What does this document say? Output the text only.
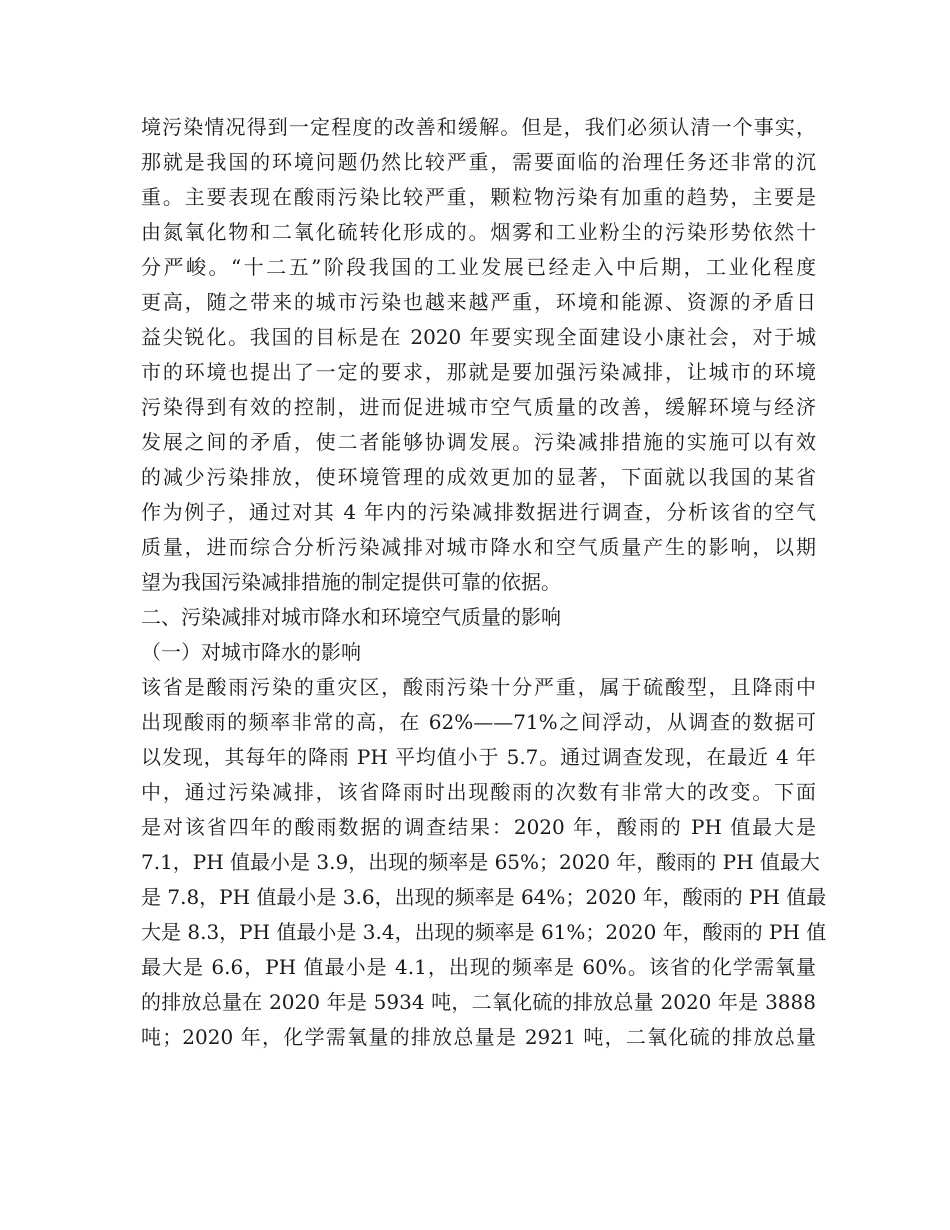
境污染情况得到一定程度的改善和缓解。但是，我们必须认清一个事实，
那就是我国的环境问题仍然比较严重，需要面临的治理任务还非常的沉
重。主要表现在酸雨污染比较严重，颗粒物污染有加重的趋势，主要是
由氮氧化物和二氧化硫转化形成的。烟雾和工业粉尘的污染形势依然十
分严峻。“十二五”阶段我国的工业发展已经走入中后期，工业化程度
更高，随之带来的城市污染也越来越严重，环境和能源、资源的矛盾日
益尖锐化。我国的目标是在 2020 年要实现全面建设小康社会，对于城
市的环境也提出了一定的要求，那就是要加强污染减排，让城市的环境
污染得到有效的控制，进而促进城市空气质量的改善，缓解环境与经济
发展之间的矛盾，使二者能够协调发展。污染减排措施的实施可以有效
的减少污染排放，使环境管理的成效更加的显著，下面就以我国的某省
作为例子，通过对其 4 年内的污染减排数据进行调查，分析该省的空气
质量，进而综合分析污染减排对城市降水和空气质量产生的影响，以期
望为我国污染减排措施的制定提供可靠的依据。
二、污染减排对城市降水和环境空气质量的影响
（一）对城市降水的影响
该省是酸雨污染的重灾区，酸雨污染十分严重，属于硫酸型，且降雨中
出现酸雨的频率非常的高，在 62%——71%之间浮动，从调查的数据可
以发现，其每年的降雨 PH 平均值小于 5.7。通过调查发现，在最近 4 年
中，通过污染减排，该省降雨时出现酸雨的次数有非常大的改变。下面
是对该省四年的酸雨数据的调查结果：2020 年，酸雨的 PH 值最大是
7.1，PH 值最小是 3.9，出现的频率是 65%；2020 年，酸雨的 PH 值最大
是 7.8，PH 值最小是 3.6，出现的频率是 64%；2020 年，酸雨的 PH 值最
大是 8.3，PH 值最小是 3.4，出现的频率是 61%；2020 年，酸雨的 PH 值
最大是 6.6，PH 值最小是 4.1，出现的频率是 60%。该省的化学需氧量
的排放总量在 2020 年是 5934 吨，二氧化硫的排放总量 2020 年是 3888
吨；2020 年，化学需氧量的排放总量是 2921 吨，二氧化硫的排放总量
